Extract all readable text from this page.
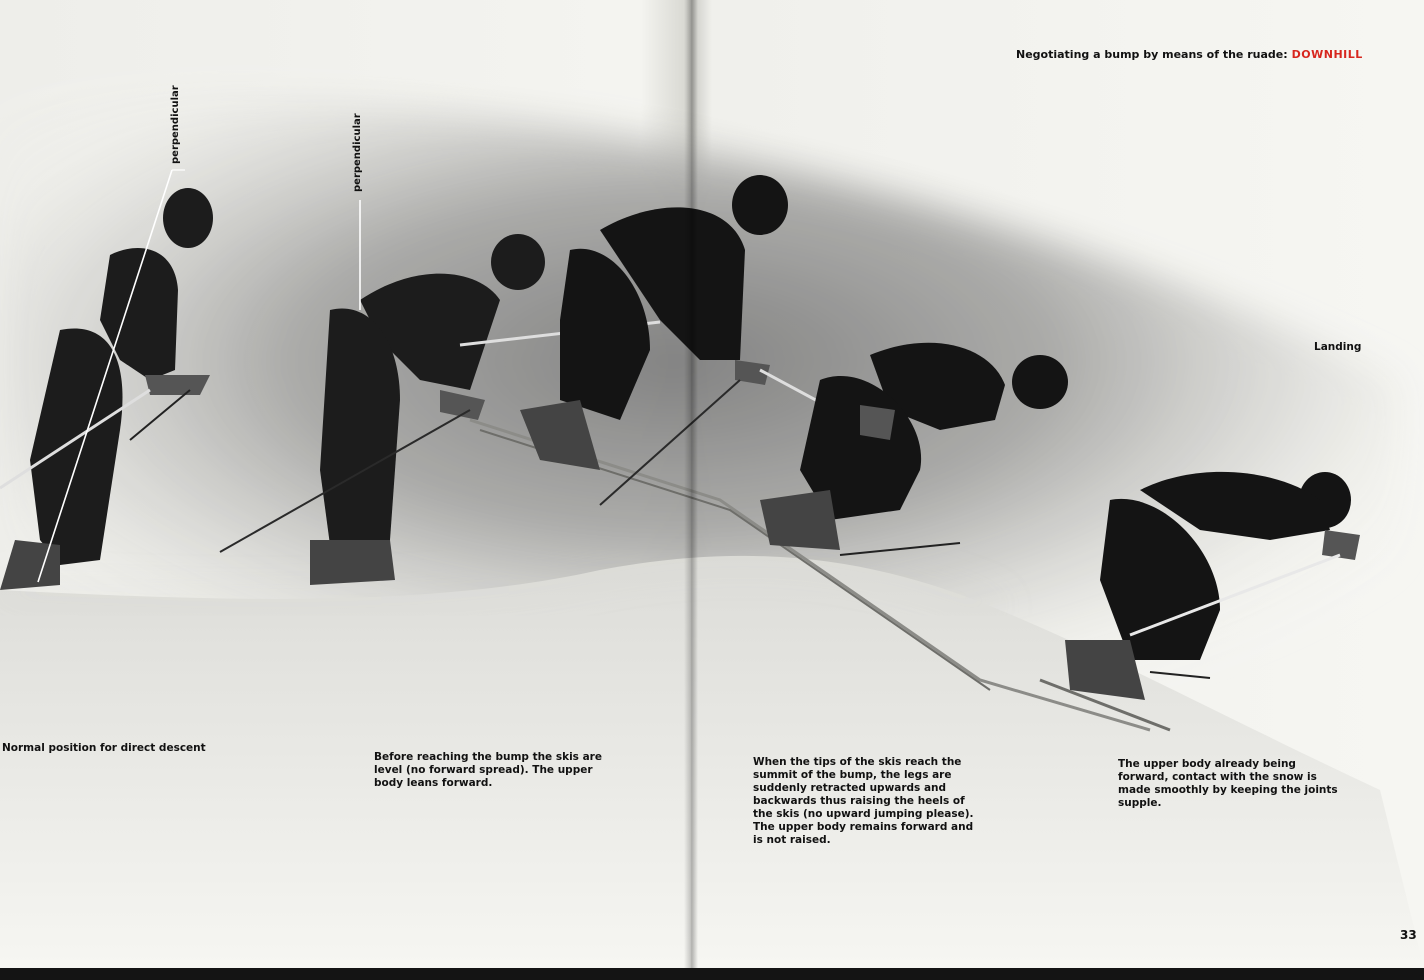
Negotiating a bump by means of the ruade: DOWNHILL
perpendicular	perpendicular
Landing
Normal position for direct descent
Before reaching the bump the skis are level (no forward spread). The upper body leans forward.
When the tips of the skis reach the summit of the bump, the legs are suddenly retracted upwards and backwards thus raising the heels of the skis (no upward jumping please). The upper body remains forward and is not raised.
The upper body already being forward, contact with the snow is made smoothly by keeping the joints supple.
33
